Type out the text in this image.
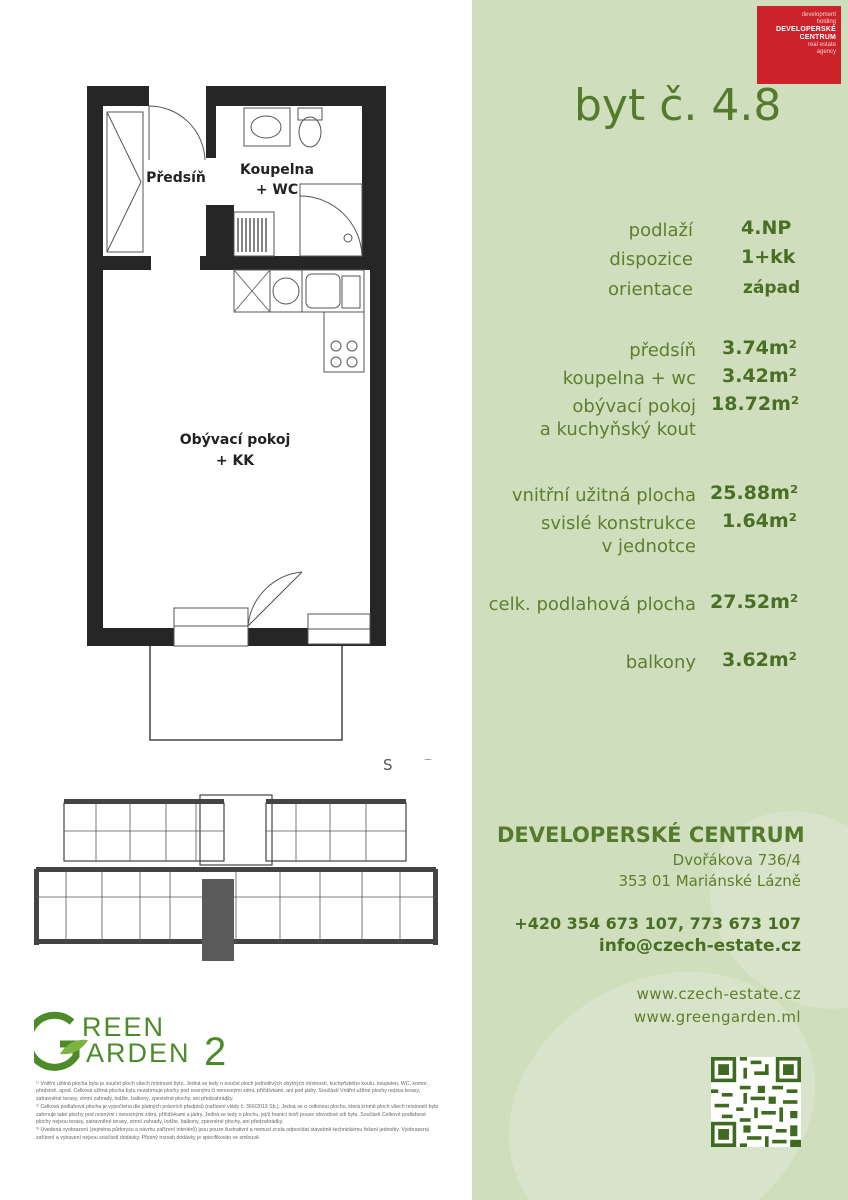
Předsíň	Koupelna
+ WC
Obývací pokoj
+ KK
S
REEN
ARDEN 2

¹⁾ Vnitřní užitná plocha bytu je součet ploch všech místností bytu. Jedná se tedy o součet ploch jednotlivých obytných místností, kuchyňského koutu, koupelen, WC, komor, předsíně, apod. Celková užitná plocha bytu nezahrnuje plochy pod nosnými či nenosnými zdmi, příčdívkami, ani pod jádry. Součástí Vnitřní užitné plochy nejsou terasy, zatravněné terasy, zimní zahrady, lodžie, balkony, zpevněné plochy, ani předzahrádky.

²⁾ Celková podlahová plocha je vypočtena dle platných právních předpisů (nařízení vlády č. 366/2013 Sb.). Jedná se o celkovou plochu, která kromě ploch všech místností bytu zahrnuje také plochy pod nosnými i nenosnými zdmi, příčdívkami a jádry. Jedná se tedy o plochu, jejíž hranici tvoří pouze obvodové zdi bytu. Součástí Celkové podlahové plochy nejsou terasy, zatravněné terasy, zimní zahrady, lodžie, balkony, zpevněné plochy, ani předzahrádky.

³⁾ Uvedená vyobrazení (zejména půdorysu a návrhu zařízení interiérů) jsou pouze ilustrativní a nemusí zcela odpovídat stavebně-technickému řešení jednotky. Vyobrazená zařízení a vybavení nejsou součástí dodávky. Přesný rozsah dodávky je specifikován ve smlouvě.

development
holding
DEVELOPERSKÉ
CENTRUM
real estate
agency
byt č. 4.8
podlaží	4.NP
dispozice	1+kk
orientace	západ
předsíň 3.74m²
koupelna + wc 3.42m²
obývací pokoj
a kuchyňský kout
18.72m²
vnitřní užitná plocha 25.88m²
svislé konstrukce
v jednotce
1.64m²
celk. podlahová plocha 27.52m²
balkony 3.62m²
DEVELOPERSKÉ CENTRUM
Dvořákova 736/4
353 01 Mariánské Lázně
+420 354 673 107, 773 673 107
info@czech-estate.cz
www.czech-estate.cz
www.greengarden.ml
